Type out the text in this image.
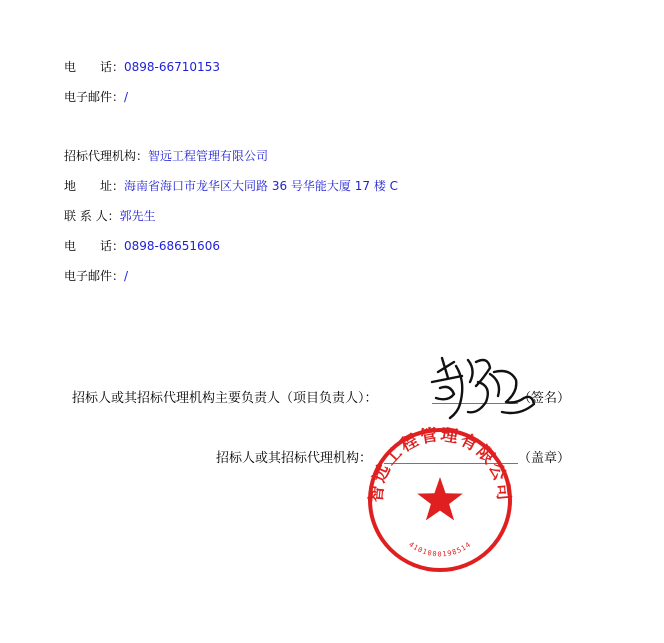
电　　话：0898-66710153
电子邮件：/
招标代理机构：智远工程管理有限公司
地　　址：海南省海口市龙华区大同路 36 号华能大厦 17 楼 C
联 系 人：郭先生
电　　话：0898-68651606
电子邮件：/
招标人或其招标代理机构主要负责人（项目负责人）：	（签名）
招标人或其招标代理机构：	（盖章）
智远工程管理有限公司
4101000198514
